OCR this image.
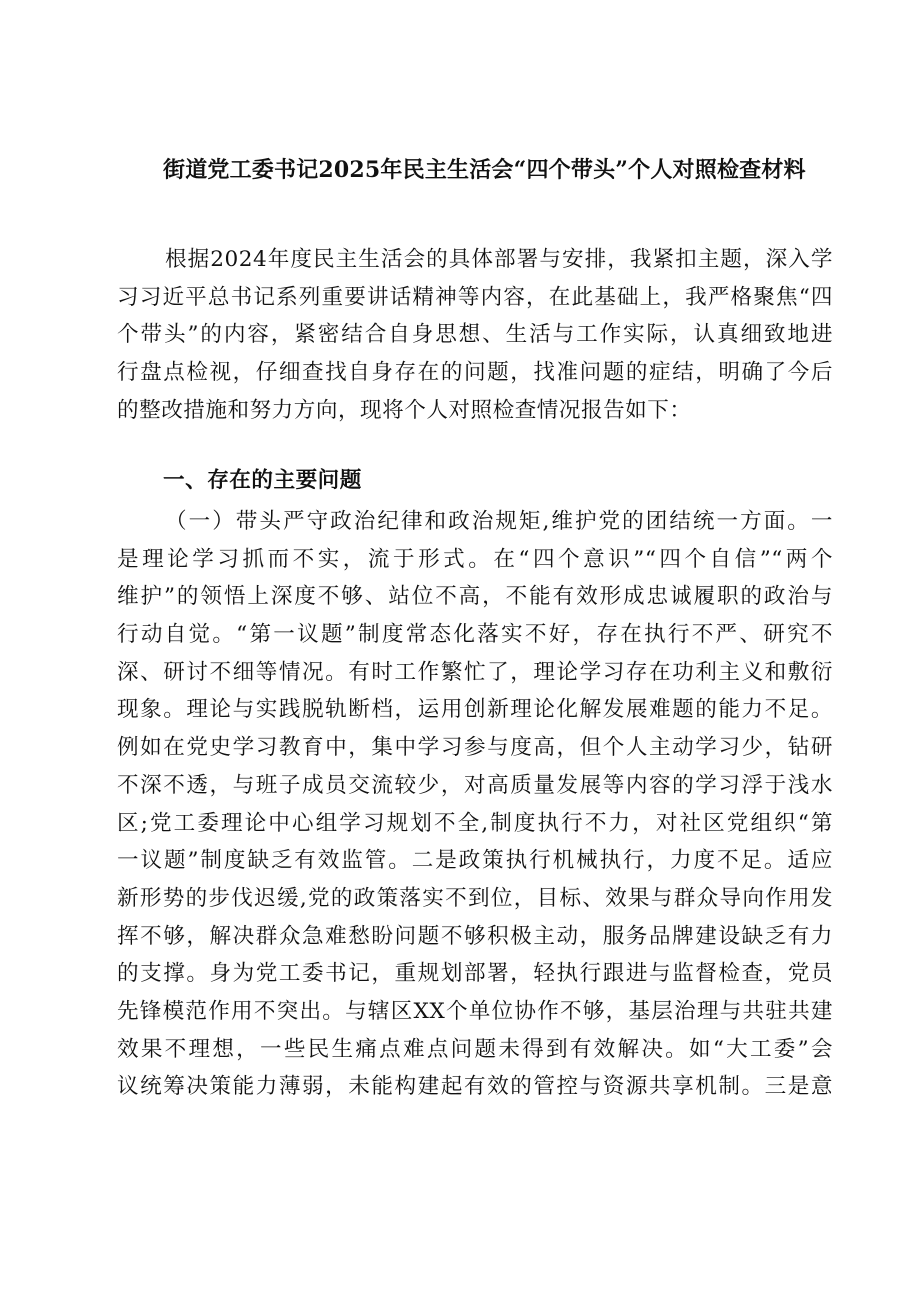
街道党工委书记2025年民主生活会“四个带头”个人对照检查材料
根据2024年度民主生活会的具体部署与安排，我紧扣主题，深入学
习习近平总书记系列重要讲话精神等内容，在此基础上，我严格聚焦“四
个带头”的内容，紧密结合自身思想、生活与工作实际，认真细致地进
行盘点检视，仔细查找自身存在的问题，找准问题的症结，明确了今后
的整改措施和努力方向，现将个人对照检查情况报告如下：
一、存在的主要问题
（一）带头严守政治纪律和政治规矩,维护党的团结统一方面。一
是理论学习抓而不实，流于形式。在“四个意识”“四个自信”“两个
维护”的领悟上深度不够、站位不高，不能有效形成忠诚履职的政治与
行动自觉。“第一议题”制度常态化落实不好，存在执行不严、研究不
深、研讨不细等情况。有时工作繁忙了，理论学习存在功利主义和敷衍
现象。理论与实践脱轨断档，运用创新理论化解发展难题的能力不足。
例如在党史学习教育中，集中学习参与度高，但个人主动学习少，钻研
不深不透，与班子成员交流较少，对高质量发展等内容的学习浮于浅水
区;党工委理论中心组学习规划不全,制度执行不力，对社区党组织“第
一议题”制度缺乏有效监管。二是政策执行机械执行，力度不足。适应
新形势的步伐迟缓,党的政策落实不到位，目标、效果与群众导向作用发
挥不够，解决群众急难愁盼问题不够积极主动，服务品牌建设缺乏有力
的支撑。身为党工委书记，重规划部署，轻执行跟进与监督检查，党员
先锋模范作用不突出。与辖区XX个单位协作不够，基层治理与共驻共建
效果不理想，一些民生痛点难点问题未得到有效解决。如“大工委”会
议统筹决策能力薄弱，未能构建起有效的管控与资源共享机制。三是意
